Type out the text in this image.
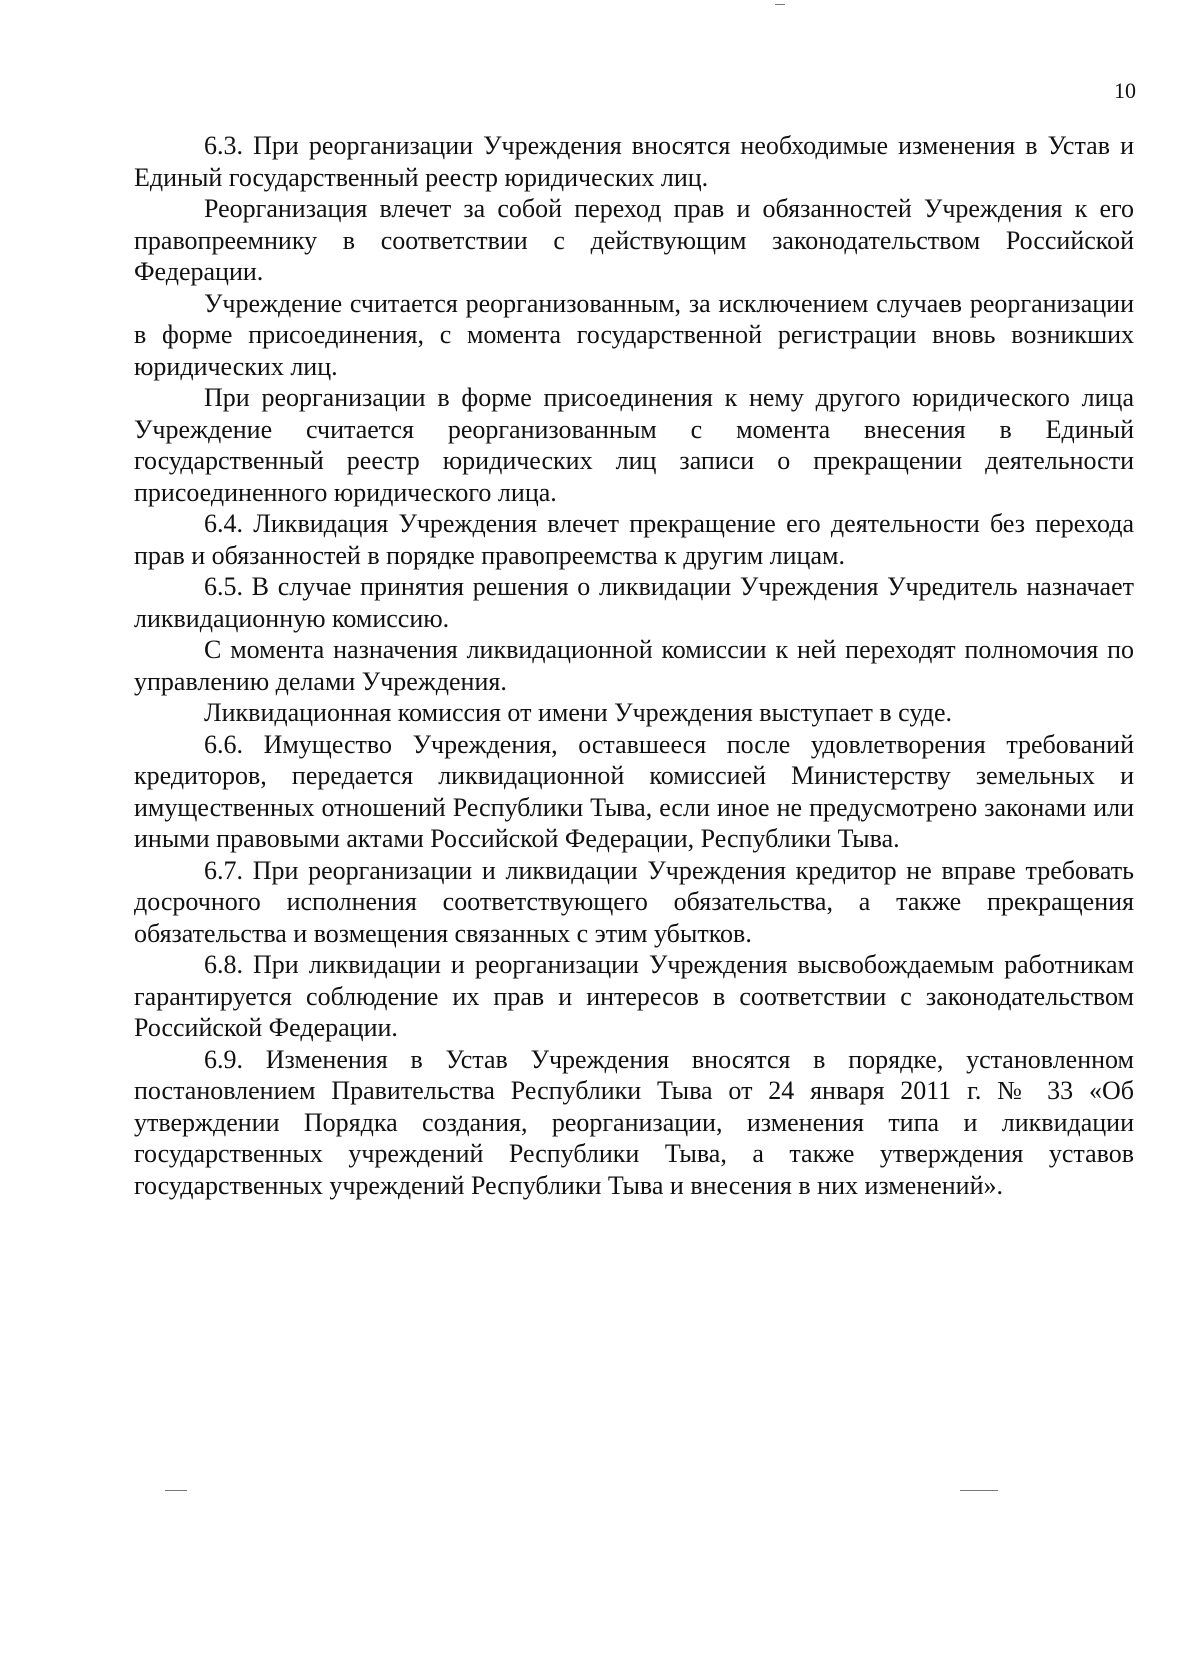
10

6.3. При реорганизации Учреждения вносятся необходимые изменения в Устав и Единый государственный реестр юридических лиц.

Реорганизация влечет за собой переход прав и обязанностей Учреждения к его правопреемнику в соответствии с действующим законодательством Российской Федерации.

Учреждение считается реорганизованным, за исключением случаев реорганизации в форме присоединения, с момента государственной регистрации вновь возникших юридических лиц.

При реорганизации в форме присоединения к нему другого юридического лица Учреждение считается реорганизованным с момента внесения в Единый государственный реестр юридических лиц записи о прекращении деятельности присоединенного юридического лица.

6.4. Ликвидация Учреждения влечет прекращение его деятельности без перехода прав и обязанностей в порядке правопреемства к другим лицам.

6.5. В случае принятия решения о ликвидации Учреждения Учредитель назначает ликвидационную комиссию.

С момента назначения ликвидационной комиссии к ней переходят полномочия по управлению делами Учреждения.

Ликвидационная комиссия от имени Учреждения выступает в суде.

6.6. Имущество Учреждения, оставшееся после удовлетворения требований кредиторов, передается ликвидационной комиссией Министерству земельных и имущественных отношений Республики Тыва, если иное не предусмотрено законами или иными правовыми актами Российской Федерации, Республики Тыва.

6.7. При реорганизации и ликвидации Учреждения кредитор не вправе требовать досрочного исполнения соответствующего обязательства, а также прекращения обязательства и возмещения связанных с этим убытков.

6.8. При ликвидации и реорганизации Учреждения высвобождаемым работникам гарантируется соблюдение их прав и интересов в соответствии с законодательством Российской Федерации.

6.9. Изменения в Устав Учреждения вносятся в порядке, установленном постановлением Правительства Республики Тыва от 24 января 2011 г. № 33 «Об утверждении Порядка создания, реорганизации, изменения типа и ликвидации государственных учреждений Республики Тыва, а также утверждения уставов государственных учреждений Республики Тыва и внесения в них изменений».
